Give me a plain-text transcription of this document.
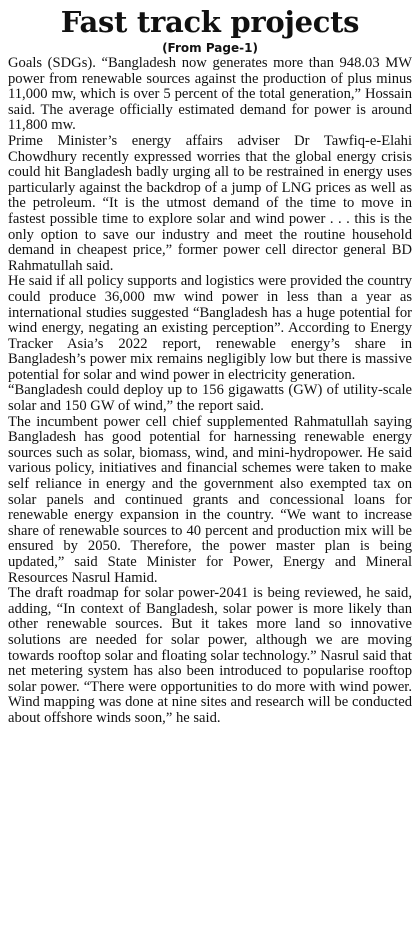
Fast track projects
(From Page-1)

Goals (SDGs). “Bangladesh now generates more than 948.03 MW power from renewable sources against the production of plus minus 11,000 mw, which is over 5 percent of the total generation,” Hossain said. The average officially estimated demand for power is around 11,800 mw.

Prime Minister’s energy affairs adviser Dr Tawfiq-e-Elahi Chowdhury recently expressed worries that the global energy crisis could hit Bangladesh badly urging all to be restrained in energy uses particularly against the backdrop of a jump of LNG prices as well as the petroleum. “It is the utmost demand of the time to move in fastest possible time to explore solar and wind power . . . this is the only option to save our industry and meet the routine household demand in cheapest price,” former power cell director general BD Rahmatullah said.

He said if all policy supports and logistics were provided the country could produce 36,000 mw wind power in less than a year as international studies suggested “Bangladesh has a huge potential for wind energy, negating an existing perception”. According to Energy Tracker Asia’s 2022 report, renewable energy’s share in Bangladesh’s power mix remains negligibly low but there is massive potential for solar and wind power in electricity generation.

“Bangladesh could deploy up to 156 gigawatts (GW) of utility-scale solar and 150 GW of wind,” the report said.

The incumbent power cell chief supplemented Rahmatullah saying Bangladesh has good potential for harnessing renewable energy sources such as solar, biomass, wind, and mini-hydropower. He said various policy, initiatives and financial schemes were taken to make self reliance in energy and the government also exempted tax on solar panels and continued grants and concessional loans for renewable energy expansion in the country. “We want to increase share of renewable sources to 40 percent and production mix will be ensured by 2050. Therefore, the power master plan is being updated,” said State Minister for Power, Energy and Mineral Resources Nasrul Hamid.

The draft roadmap for solar power-2041 is being reviewed, he said, adding, “In context of Bangladesh, solar power is more likely than other renewable sources. But it takes more land so innovative solutions are needed for solar power, although we are moving towards rooftop solar and floating solar technology.” Nasrul said that net metering system has also been introduced to popularise rooftop solar power. “There were opportunities to do more with wind power. Wind mapping was done at nine sites and research will be conducted about offshore winds soon,” he said.
